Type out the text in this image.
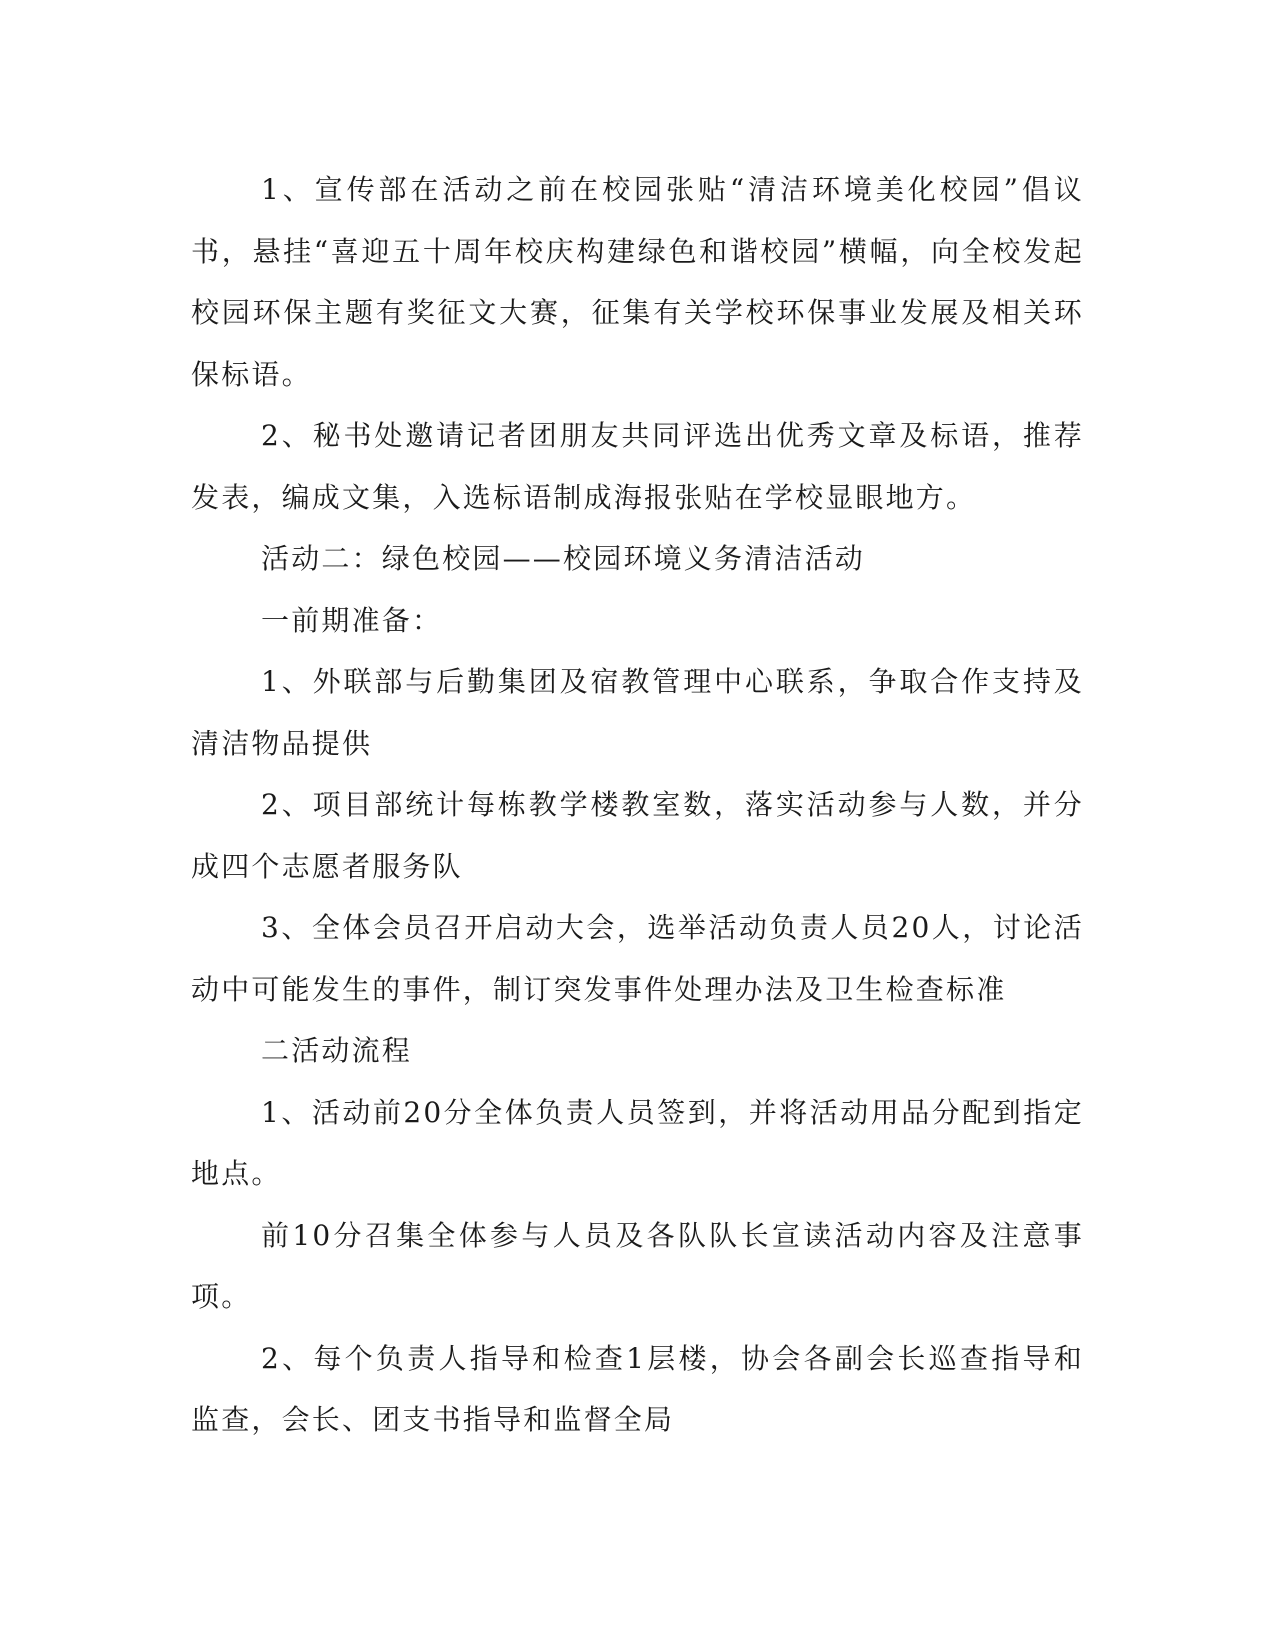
1、宣传部在活动之前在校园张贴“清洁环境美化校园”倡议书，悬挂“喜迎五十周年校庆构建绿色和谐校园”横幅，向全校发起校园环保主题有奖征文大赛，征集有关学校环保事业发展及相关环保标语。

2、秘书处邀请记者团朋友共同评选出优秀文章及标语，推荐发表，编成文集，入选标语制成海报张贴在学校显眼地方。

活动二：绿色校园——校园环境义务清洁活动

一前期准备：

1、外联部与后勤集团及宿教管理中心联系，争取合作支持及清洁物品提供

2、项目部统计每栋教学楼教室数，落实活动参与人数，并分成四个志愿者服务队

3、全体会员召开启动大会，选举活动负责人员20人，讨论活动中可能发生的事件，制订突发事件处理办法及卫生检查标准

二活动流程

1、活动前20分全体负责人员签到，并将活动用品分配到指定地点。

前10分召集全体参与人员及各队队长宣读活动内容及注意事项。

2、每个负责人指导和检查1层楼，协会各副会长巡查指导和监查，会长、团支书指导和监督全局
